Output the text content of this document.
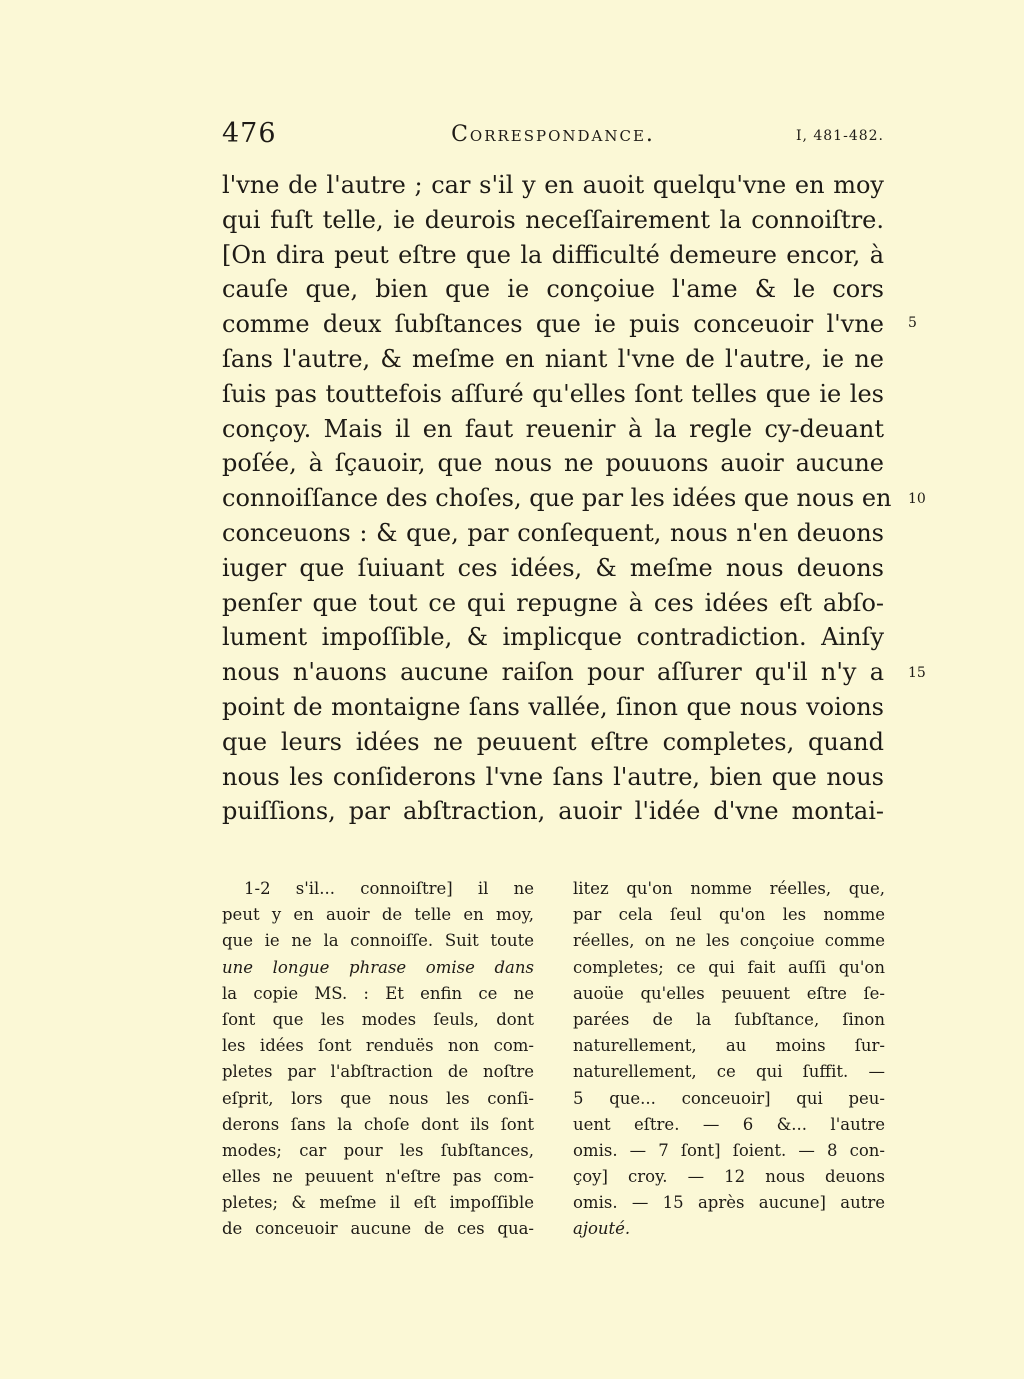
476	Correspondance.	I, 481-482.
l'vne de l'autre ; car s'il y en auoit quelqu'vne en moy
qui fuſt telle, ie deurois neceſſairement la connoiſtre.
[On dira peut eſtre que la difficulté demeure encor, à
cauſe que, bien que ie conçoiue l'ame & le cors
comme deux ſubſtances que ie puis conceuoir l'vne
ſans l'autre, & meſme en niant l'vne de l'autre, ie ne
ſuis pas touttefois aſſuré qu'elles ſont telles que ie les
conçoy. Mais il en faut reuenir à la regle cy-deuant
poſée, à ſçauoir, que nous ne pouuons auoir aucune
connoiſſance des choſes, que par les idées que nous en
conceuons : & que, par conſequent, nous n'en deuons
iuger que ſuiuant ces idées, & meſme nous deuons
penſer que tout ce qui repugne à ces idées eſt abſo-
lument impoſſible, & implicque contradiction. Ainſy
nous n'auons aucune raiſon pour aſſurer qu'il n'y a
point de montaigne ſans vallée, ſinon que nous voions
que leurs idées ne peuuent eſtre completes, quand
nous les conſiderons l'vne ſans l'autre, bien que nous
puiſſions, par abſtraction, auoir l'idée d'vne montai-
5
10
15
1-2 s'il... connoiſtre] il ne
peut y en auoir de telle en moy,
que ie ne la connoiſſe. Suit toute
une longue phrase omise dans
la copie MS. : Et enfin ce ne
ſont que les modes ſeuls, dont
les idées ſont renduës non com-
pletes par l'abſtraction de noſtre
eſprit, lors que nous les conſi-
derons ſans la choſe dont ils ſont
modes; car pour les ſubſtances,
elles ne peuuent n'eſtre pas com-
pletes; & meſme il eſt impoſſible
de conceuoir aucune de ces qua-
litez qu'on nomme réelles, que,
par cela ſeul qu'on les nomme
réelles, on ne les conçoiue comme
completes; ce qui fait auſſi qu'on
auoüe qu'elles peuuent eſtre ſe-
parées de la ſubſtance, ſinon
naturellement, au moins ſur-
naturellement, ce qui ſuffit. —
5 que... conceuoir] qui peu-
uent eſtre. — 6 &... l'autre
omis. — 7 ſont] ſoient. — 8 con-
çoy] croy. — 12 nous deuons
omis. — 15 après aucune] autre
ajouté.
